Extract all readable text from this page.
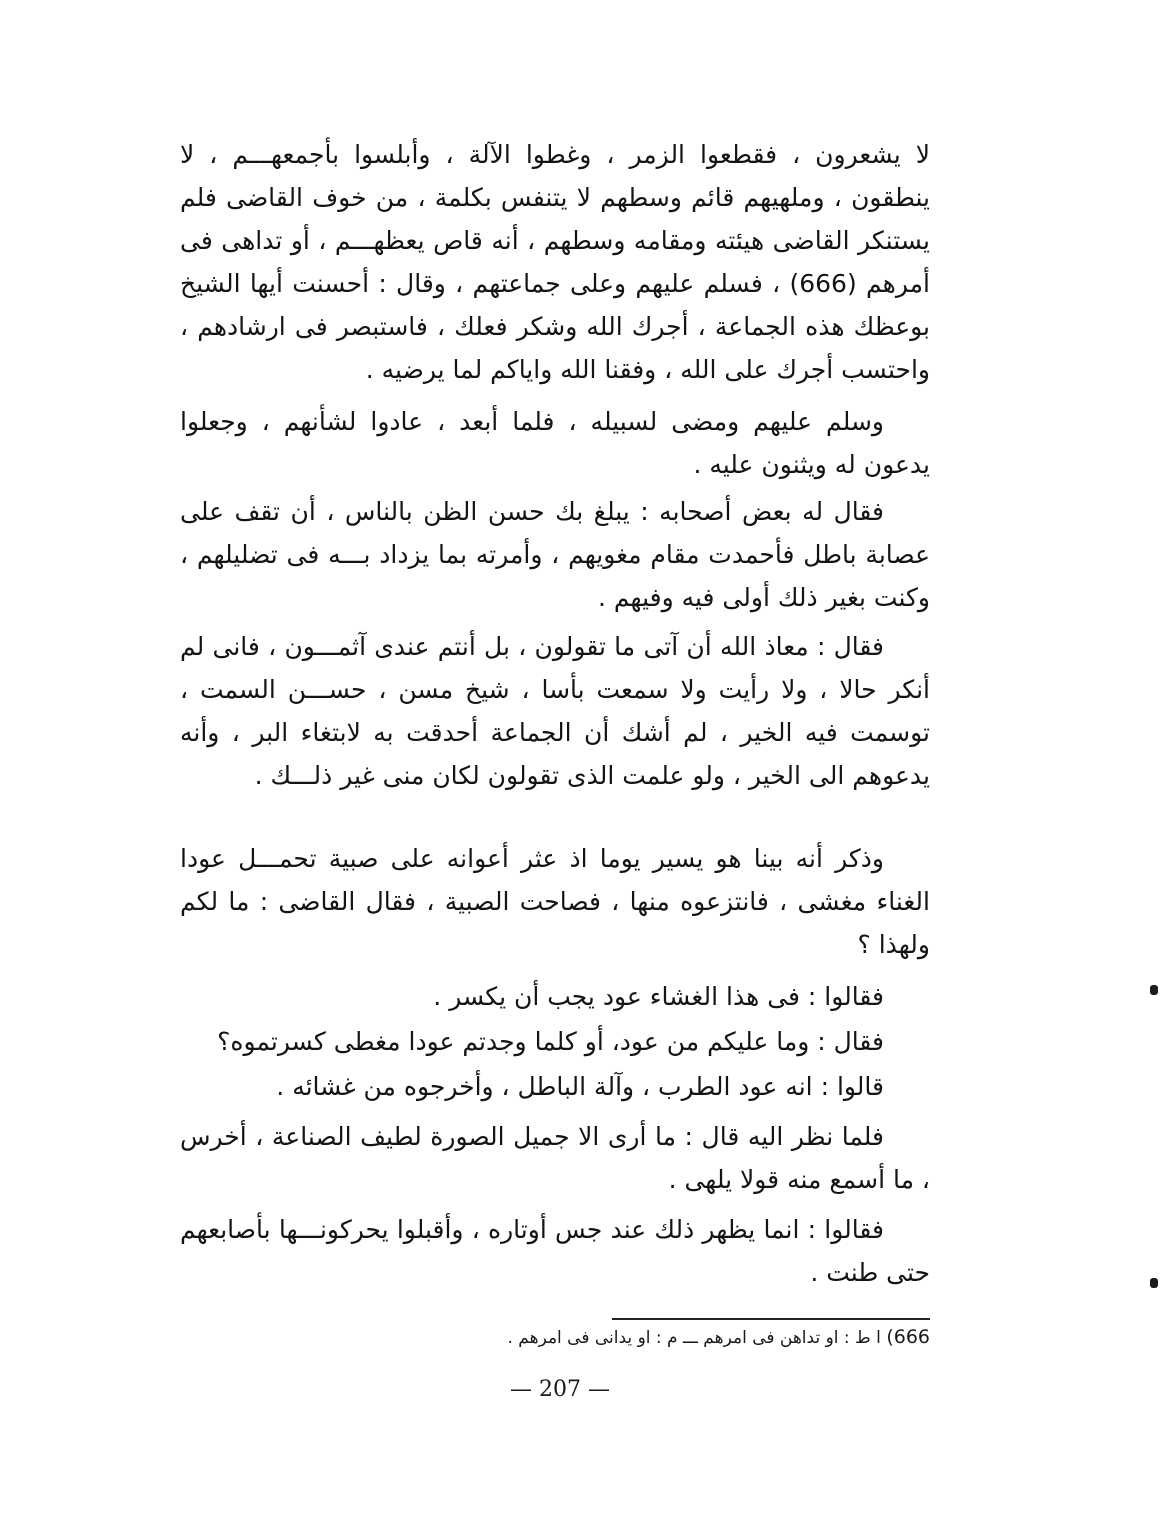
لا يشعرون ، فقطعوا الزمر ، وغطوا الآلة ، وأبلسوا بأجمعهـــم ، لا ينطقون ، وملهيهم قائم وسطهم لا يتنفس بكلمة ، من خوف القاضى فلم يستنكر القاضى هيئته ومقامه وسطهم ، أنه قاص يعظهـــم ، أو تداهى فى أمرهم (666) ، فسلم عليهم وعلى جماعتهم ، وقال : أحسنت أيها الشيخ بوعظك هذه الجماعة ، أجرك الله وشكر فعلك ، فاستبصر فى ارشادهم ، واحتسب أجرك على الله ، وفقنا الله واياكم لما يرضيه .

وسلم عليهم ومضى لسبيله ، فلما أبعد ، عادوا لشأنهم ، وجعلوا يدعون له ويثنون عليه .

فقال له بعض أصحابه : يبلغ بك حسن الظن بالناس ، أن تقف على عصابة باطل فأحمدت مقام مغويهم ، وأمرته بما يزداد بـــه فى تضليلهم ، وكنت بغير ذلك أولى فيه وفيهم .

فقال : معاذ الله أن آتى ما تقولون ، بل أنتم عندى آثمـــون ، فانى لم أنكر حالا ، ولا رأيت ولا سمعت بأسا ، شيخ مسن ، حســـن السمت ، توسمت فيه الخير ، لم أشك أن الجماعة أحدقت به لابتغاء البر ، وأنه يدعوهم الى الخير ، ولو علمت الذى تقولون لكان منى غير ذلـــك .

وذكر أنه بينا هو يسير يوما اذ عثر أعوانه على صبية تحمـــل عودا الغناء مغشى ، فانتزعوه منها ، فصاحت الصبية ، فقال القاضى : ما لكم ولهذا ؟

فقالوا : فى هذا الغشاء عود يجب أن يكسر .

فقال : وما عليكم من عود، أو كلما وجدتم عودا مغطى كسرتموه؟

قالوا : انه عود الطرب ، وآلة الباطل ، وأخرجوه من غشائه .

فلما نظر اليه قال : ما أرى الا جميل الصورة لطيف الصناعة ، أخرس ، ما أسمع منه قولا يلهى .

فقالوا : انما يظهر ذلك عند جس أوتاره ، وأقبلوا يحركونـــها بأصابعهم حتى طنت .

666) ا ط : او تداهن فى امرهم ـــ م : او يدانى فى امرهم .
— 207 —
